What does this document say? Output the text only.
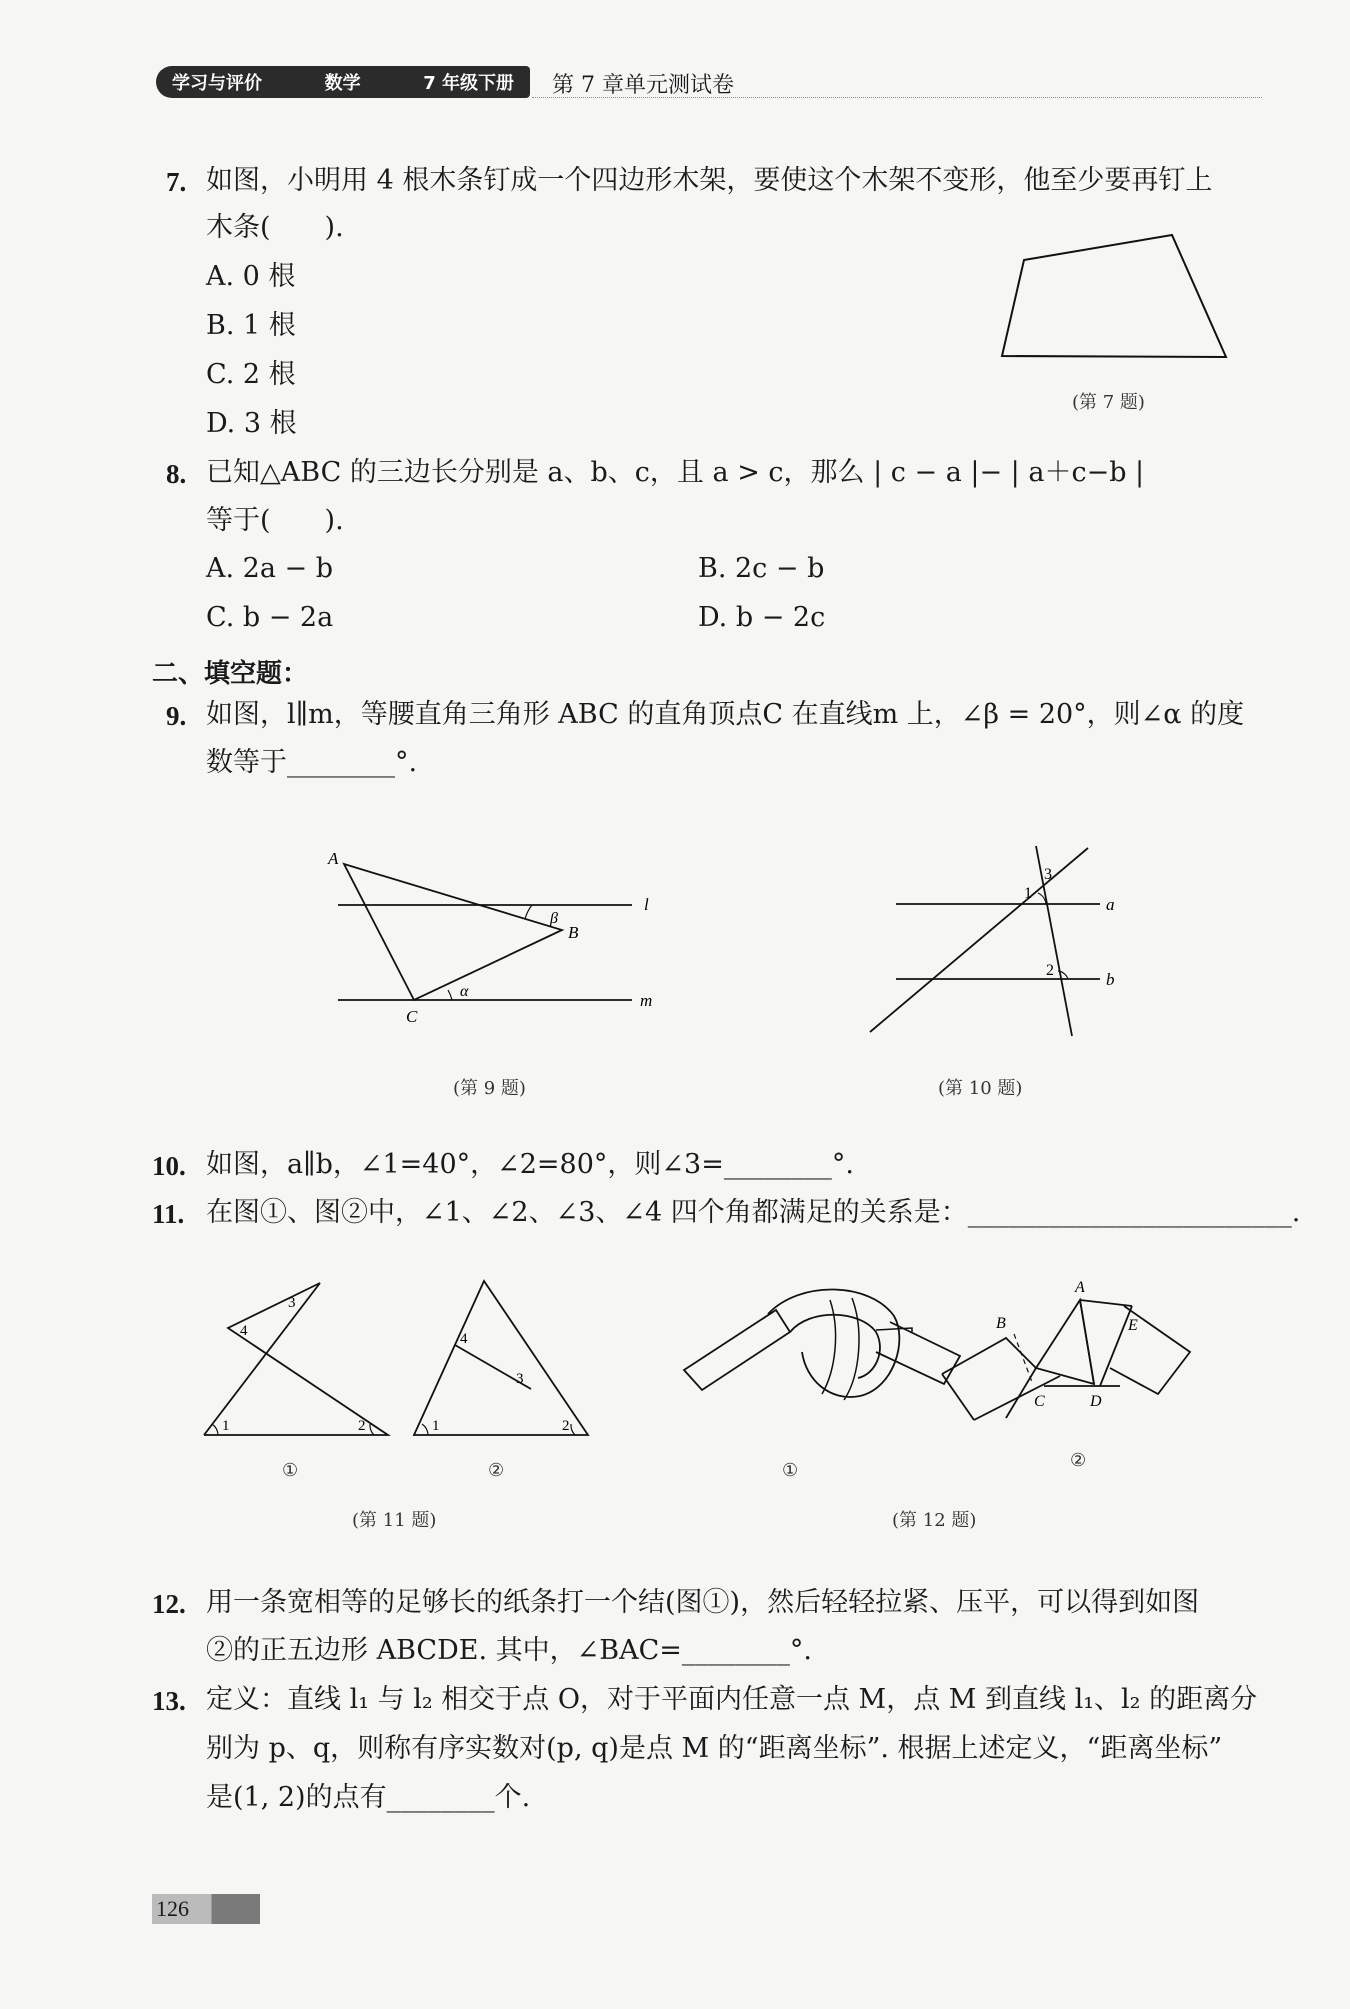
学习与评价	数学	7 年级下册 第 7 章单元测试卷
7. 如图，小明用 4 根木条钉成一个四边形木架，要使这个木架不变形，他至少要再钉上
木条(　　).
A. 0 根
B. 1 根
C. 2 根
D. 3 根
(第 7 题)
8. 已知△ABC 的三边长分别是 a、b、c，且 a > c，那么 | c − a |− | a＋c−b |
等于(　　).
A. 2a − b	B. 2c − b
C. b − 2a	D. b − 2c
二、填空题：
9. 如图，l∥m，等腰直角三角形 ABC 的直角顶点C 在直线m 上，∠β = 20°，则∠α 的度
数等于________°.
A
B
C
l
m
β
α
(第 9 题)
1
2
3
a
b
(第 10 题)
10. 如图，a∥b，∠1=40°，∠2=80°，则∠3=________°.
11. 在图①、图②中，∠1、∠2、∠3、∠4 四个角都满足的关系是：________________________.
1	2
3
4
1	2
3
4
①	②
(第 11 题)
A
B
C	D
E
①	②
(第 12 题)
12. 用一条宽相等的足够长的纸条打一个结(图①)，然后轻轻拉紧、压平，可以得到如图
②的正五边形 ABCDE. 其中，∠BAC=________°.
13. 定义：直线 l₁ 与 l₂ 相交于点 O，对于平面内任意一点 M，点 M 到直线 l₁、l₂ 的距离分
别为 p、q，则称有序实数对(p, q)是点 M 的“距离坐标”. 根据上述定义，“距离坐标”
是(1, 2)的点有________个.
126
